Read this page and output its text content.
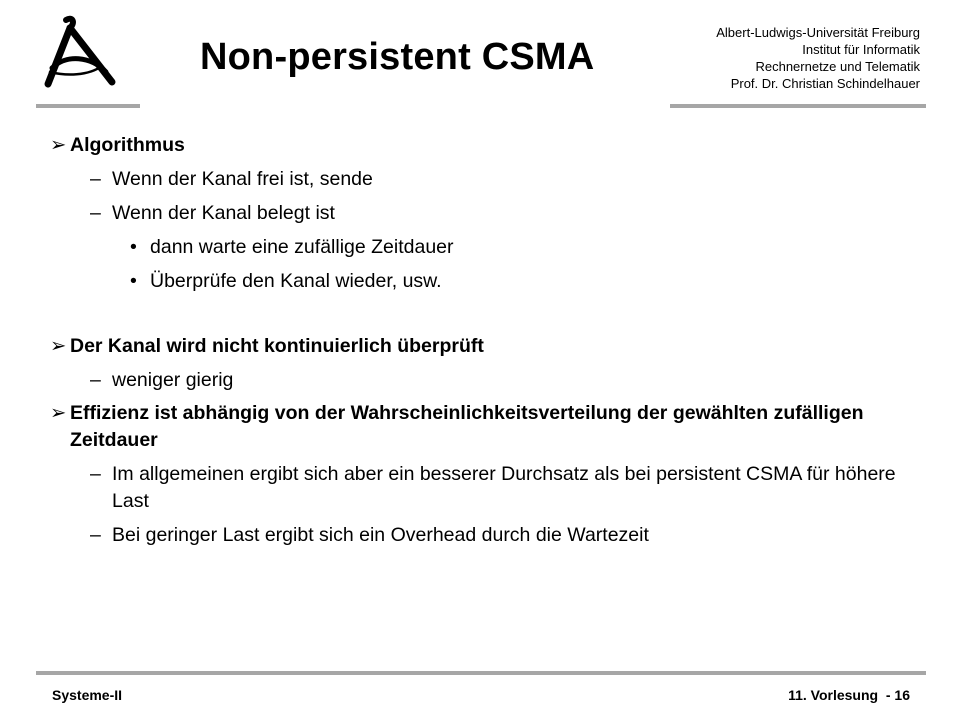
Non-persistent CSMA
Albert-Ludwigs-Universität Freiburg
Institut für Informatik
Rechnernetze und Telematik
Prof. Dr. Christian Schindelhauer
➢ Algorithmus
– Wenn der Kanal frei ist, sende
– Wenn der Kanal belegt ist
• dann warte eine zufällige Zeitdauer
• Überprüfe den Kanal wieder, usw.
➢ Der Kanal wird nicht kontinuierlich überprüft
– weniger gierig
➢ Effizienz ist abhängig von der Wahrscheinlichkeitsverteilung der gewählten zufälligen Zeitdauer
– Im allgemeinen ergibt sich aber ein besserer Durchsatz als bei persistent CSMA für höhere Last
– Bei geringer Last ergibt sich ein Overhead durch die Wartezeit
Systeme-II	11. Vorlesung  - 16
